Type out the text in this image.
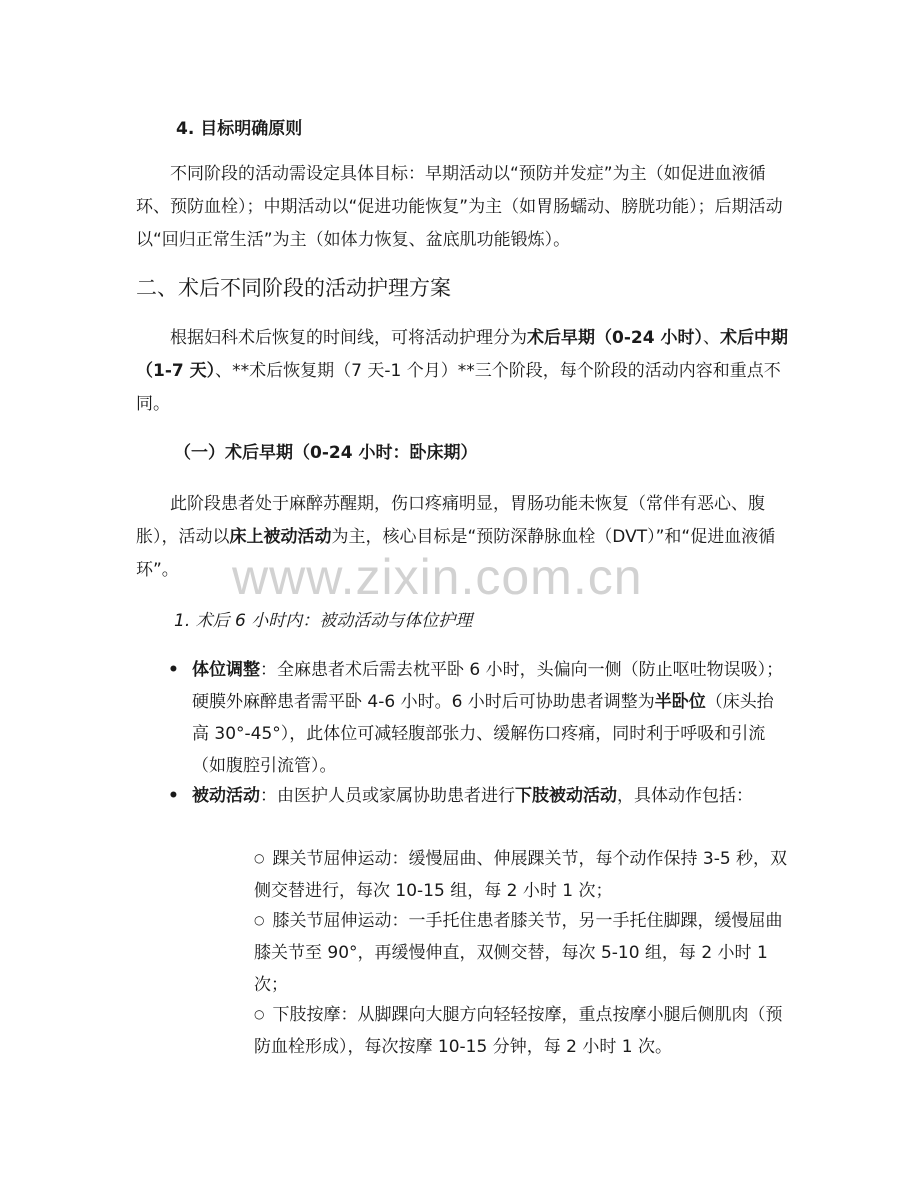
4. 目标明确原则
不同阶段的活动需设定具体目标：早期活动以“预防并发症”为主（如促进血液循环、预防血栓）；中期活动以“促进功能恢复”为主（如胃肠蠕动、膀胱功能）；后期活动以“回归正常生活”为主（如体力恢复、盆底肌功能锻炼）。
二、术后不同阶段的活动护理方案
根据妇科术后恢复的时间线，可将活动护理分为术后早期（0-24 小时）、术后中期（1-7 天）、**术后恢复期（7 天-1 个月）**三个阶段，每个阶段的活动内容和重点不同。
（一）术后早期（0-24 小时：卧床期）
此阶段患者处于麻醉苏醒期，伤口疼痛明显，胃肠功能未恢复（常伴有恶心、腹胀），活动以床上被动活动为主，核心目标是“预防深静脉血栓（DVT）”和“促进血液循环”。	www.zixin.com.cn
1. 术后 6 小时内：被动活动与体位护理
• 体位调整：全麻患者术后需去枕平卧 6 小时，头偏向一侧（防止呕吐物误吸）；硬膜外麻醉患者需平卧 4-6 小时。6 小时后可协助患者调整为半卧位（床头抬高 30°-45°），此体位可减轻腹部张力、缓解伤口疼痛，同时利于呼吸和引流（如腹腔引流管）。
• 被动活动：由医护人员或家属协助患者进行下肢被动活动，具体动作包括：
○ 踝关节屈伸运动：缓慢屈曲、伸展踝关节，每个动作保持 3-5 秒，双侧交替进行，每次 10-15 组，每 2 小时 1 次；
○ 膝关节屈伸运动：一手托住患者膝关节，另一手托住脚踝，缓慢屈曲膝关节至 90°，再缓慢伸直，双侧交替，每次 5-10 组，每 2 小时 1 次；
○ 下肢按摩：从脚踝向大腿方向轻轻按摩，重点按摩小腿后侧肌肉（预防血栓形成），每次按摩 10-15 分钟，每 2 小时 1 次。
